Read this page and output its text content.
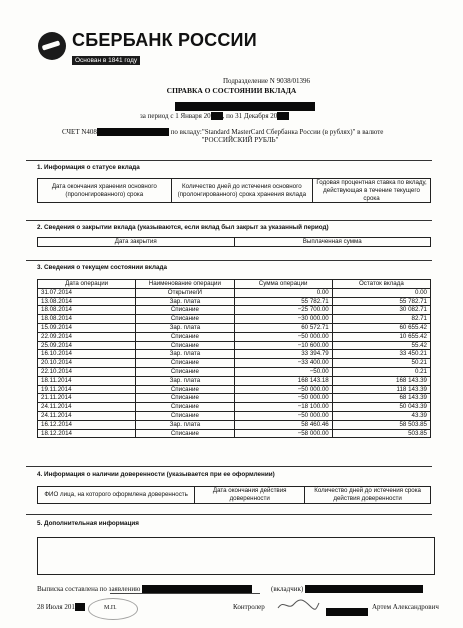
СБЕРБАНК РОССИИ
Основан в 1841 году
Подразделение N 9038/01396
СПРАВКА О СОСТОЯНИИ ВКЛАДА
за период с 1 Января 20 , по 31 Декабря 20
СЧЕТ N408	по вкладу:"Standard MasterCard Сбербанка России (в рублях)" в валюте
"РОССИЙСКИЙ РУБЛЬ"
1. Информация о статусе вклада
Дата окончания хранения основного (пролонгированного) срока	Количество дней до истечения основного (пролонгированного) срока хранения вклада	Годовая процентная ставка по вкладу, действующая в течение текущего срока
2. Сведения о закрытии вклада (указываются, если вклад был закрыт за указанный период)
Дата закрытия	Выплаченная сумма
3. Сведения о текущем состоянии вклада
Дата операции	Наименование операции	Сумма операции	Остаток вклада
31.07.2014	Открытие/И	0.00	0.00
13.08.2014	Зар. плата	55 782.71	55 782.71
18.08.2014	Списание	−25 700.00	30 082.71
18.08.2014	Списание	−30 000.00	82.71
15.09.2014	Зар. плата	60 572.71	60 655.42
22.09.2014	Списание	−50 000.00	10 655.42
25.09.2014	Списание	−10 600.00	55.42
16.10.2014	Зар. плата	33 394.79	33 450.21
20.10.2014	Списание	−33 400.00	50.21
22.10.2014	Списание	−50.00	0.21
18.11.2014	Зар. плата	168 143.18	168 143.39
19.11.2014	Списание	−50 000.00	118 143.39
21.11.2014	Списание	−50 000.00	68 143.39
24.11.2014	Списание	−18 100.00	50 043.39
24.11.2014	Списание	−50 000.00	43.39
16.12.2014	Зар. плата	58 460.46	58 503.85
18.12.2014	Списание	−58 000.00	503.85
4. Информация о наличии доверенности (указывается при ее оформлении)
ФИО лица, на которого оформлена доверенность	Дата окончания действия доверенности	Количество дней до истечения срока действия доверенности
5. Дополнительная информация
Выписка составлена по заявлению	(вкладчик)
28 Июля 201	М.П.	Контролер	Артем Александрович
